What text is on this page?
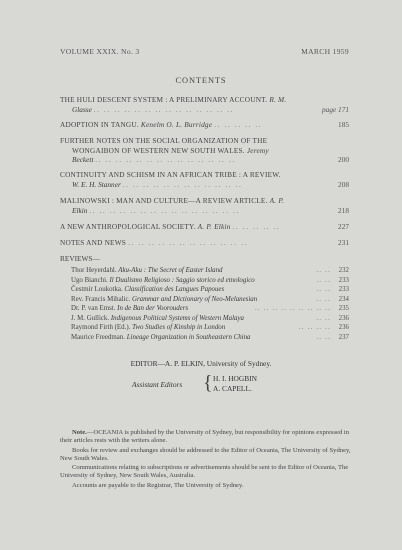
VOLUME XXIX. No. 3	MARCH 1959
CONTENTS
THE HULI DESCENT SYSTEM : A PRELIMINARY ACCOUNT. R. M.
Glasse .. .. .. .. .. .. .. .. .. .. .. .. .. ..	page 171
ADOPTION IN TANGU. Kenelm O. L. Burridge .. .. .. .. ..	185
FURTHER NOTES ON THE SOCIAL ORGANIZATION OF THE
WONGAIBON OF WESTERN NEW SOUTH WALES. Jeremy
Beckett .. .. .. .. .. .. .. .. .. .. .. .. .. ..	200
CONTINUITY AND SCHISM IN AN AFRICAN TRIBE : A REVIEW.
W. E. H. Stanner .. .. .. .. .. .. .. .. .. .. .. ..	208
MALINOWSKI : MAN AND CULTURE—A REVIEW ARTICLE. A. P.
Elkin .. .. .. .. .. .. .. .. .. .. .. .. .. .. ..	218
A NEW ANTHROPOLOGICAL SOCIETY. A. P. Elkin .. .. .. .. ..	227
NOTES AND NEWS .. .. .. .. .. .. .. .. .. .. .. ..	231
REVIEWS—
Thor Heyerdahl. Aku-Aku : The Secret of Easter Island	.. .. 232
Ugo Bianchi. Il Dualismo Religioso : Saggio storico ed etnologico	.. .. 233
Čestmír Loukotka. Classification des Langues Papoues	.. .. 233
Rev. Francis Mihalic. Grammar and Dictionary of Neo-Melanesian	.. .. 234
Dr. P. van Emst. In de Ban der Voorouders	.. .. .. .. .. .. .. .. .. 235
J. M. Gullick. Indigenous Political Systems of Western Malaya	.. .. 236
Raymond Firth (Ed.). Two Studies of Kinship in London	.. .. .. .. 236
Maurice Freedman. Lineage Organization in Southeastern China	.. .. 237
EDITOR—A. P. ELKIN, University of Sydney.
Assistant Editors { H. I. HOGBIN
A. CAPELL.

Note.—OCEANIA is published by the University of Sydney, but responsibility for opinions expressed in their articles rests with the writers alone.

Books for review and exchanges should be addressed to the Editor of Oceania, The University of Sydney, New South Wales.

Communications relating to subscriptions or advertisements should be sent to the Editor of Oceania, The University of Sydney, New South Wales, Australia.

Accounts are payable to the Registrar, The University of Sydney.
